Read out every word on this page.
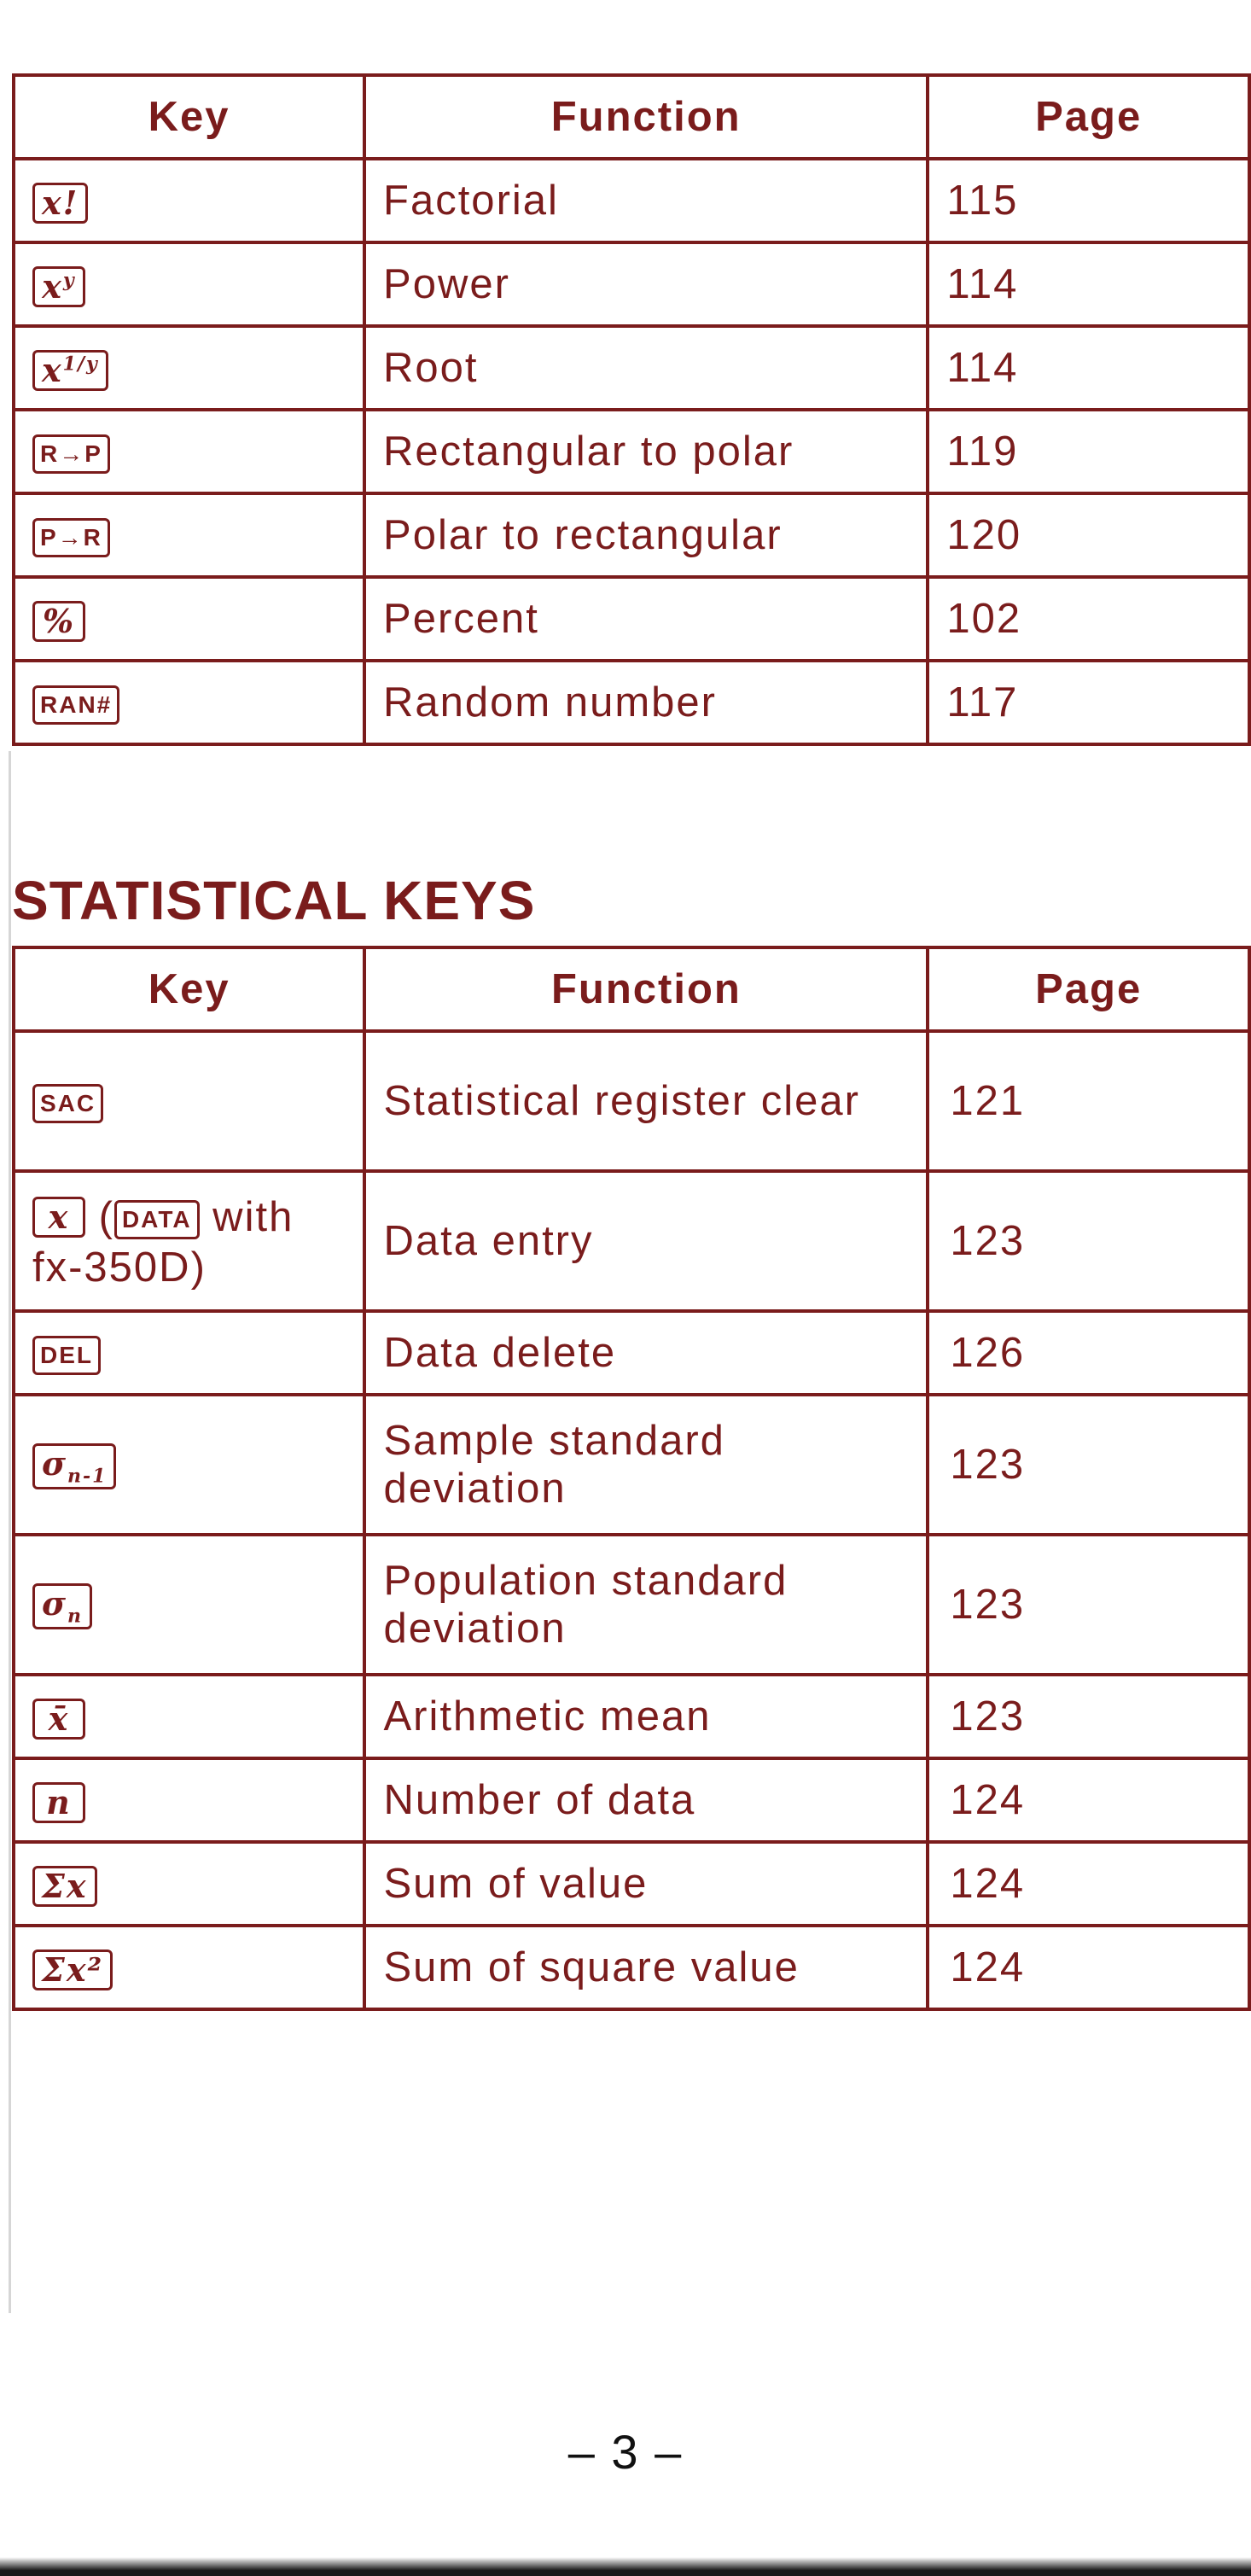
Key	Function	Page
x!	Factorial	115
$x^y$	Power	114
$x^{1/y}$	Root	114
R→P	Rectangular to polar	119
P→R	Polar to rectangular	120
%	Percent	102
RAN#	Random number	117
STATISTICAL KEYS
Key	Function	Page
SAC	Statistical register clear	121
x ( DATA with fx-350D)	Data entry	123
DEL	Data delete	126
$\sigma_{n-1}$	Sample standard deviation	123
$\sigma_n$	Population standard deviation	123
x̄	Arithmetic mean	123
n	Number of data	124
Σx	Sum of value	124
Σx²	Sum of square value	124
– 3 –
